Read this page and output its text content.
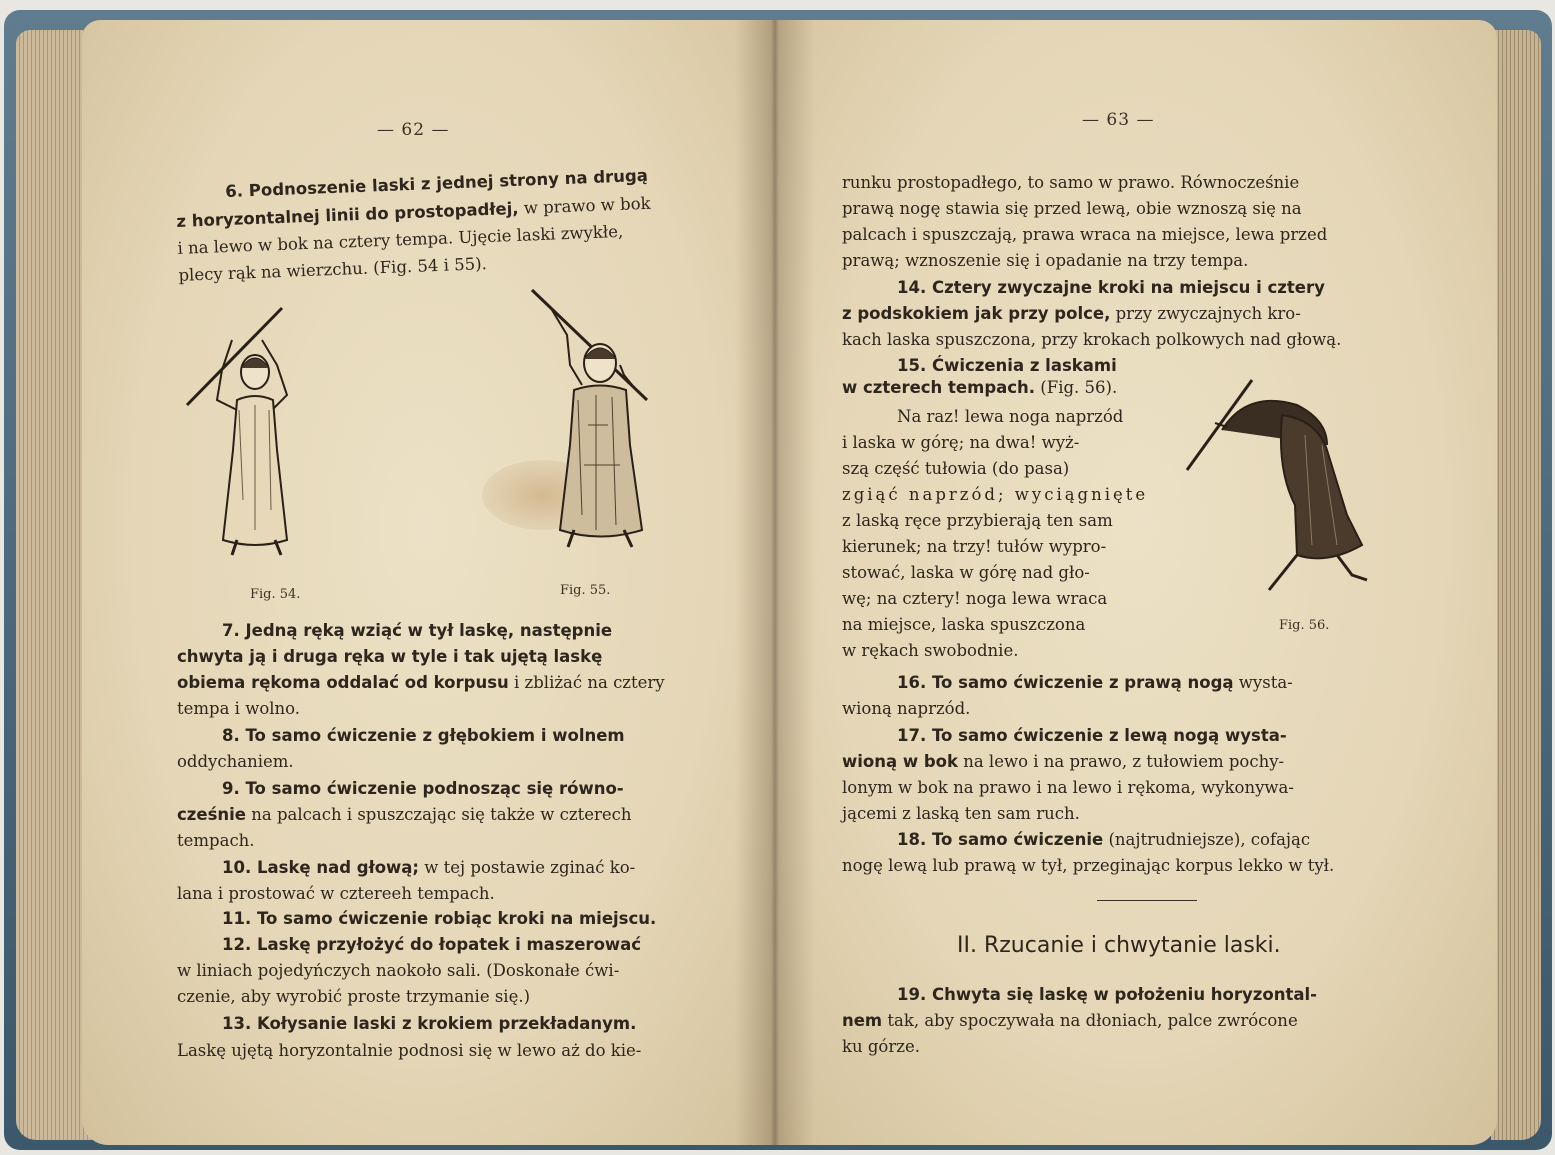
— 62 —
6. Podnoszenie laski z jednej strony na drugą
z horyzontalnej linii do prostopadłej, w prawo w bok
i na lewo w bok na cztery tempa. Ujęcie laski zwykłe,
plecy rąk na wierzchu. (Fig. 54 i 55).
Fig. 54.	Fig. 55.
7. Jedną ręką wziąć w tył laskę, następnie
chwyta ją i druga ręka w tyle i tak ujętą laskę
obiema rękoma oddalać od korpusu i zbliżać na cztery
tempa i wolno.
8. To samo ćwiczenie z głębokiem i wolnem
oddychaniem.
9. To samo ćwiczenie podnosząc się równo-
cześnie na palcach i spuszczając się także w czterech
tempach.
10. Laskę nad głową; w tej postawie zginać ko-
lana i prostować w cztereeh tempach.
11. To samo ćwiczenie robiąc kroki na miejscu.
12. Laskę przyłożyć do łopatek i maszerować
w liniach pojedyńczych naokoło sali. (Doskonałe ćwi-
czenie, aby wyrobić proste trzymanie się.)
13. Kołysanie laski z krokiem przekładanym.
Laskę ujętą horyzontalnie podnosi się w lewo aż do kie-
— 63 —
runku prostopadłego, to samo w prawo. Równocześnie
prawą nogę stawia się przed lewą, obie wznoszą się na
palcach i spuszczają, prawa wraca na miejsce, lewa przed
prawą; wznoszenie się i opadanie na trzy tempa.
14. Cztery zwyczajne kroki na miejscu i cztery
z podskokiem jak przy polce, przy zwyczajnych kro-
kach laska spuszczona, przy krokach polkowych nad głową.
15. Ćwiczenia z laskami
w czterech tempach. (Fig. 56).
Na raz! lewa noga naprzód
i laska w górę; na dwa! wyż-
szą część tułowia (do pasa)
zgiąć naprzód; wyciągnięte
z laską ręce przybierają ten sam
kierunek; na trzy! tułów wypro-
stować, laska w górę nad gło-
wę; na cztery! noga lewa wraca
na miejsce, laska spuszczona
w rękach swobodnie.
Fig. 56.
16. To samo ćwiczenie z prawą nogą wysta-
wioną naprzód.
17. To samo ćwiczenie z lewą nogą wysta-
wioną w bok na lewo i na prawo, z tułowiem pochy-
lonym w bok na prawo i na lewo i rękoma, wykonywa-
jącemi z laską ten sam ruch.
18. To samo ćwiczenie (najtrudniejsze), cofając
nogę lewą lub prawą w tył, przeginając korpus lekko w tył.
II. Rzucanie i chwytanie laski.
19. Chwyta się laskę w położeniu horyzontal-
nem tak, aby spoczywała na dłoniach, palce zwrócone
ku górze.
